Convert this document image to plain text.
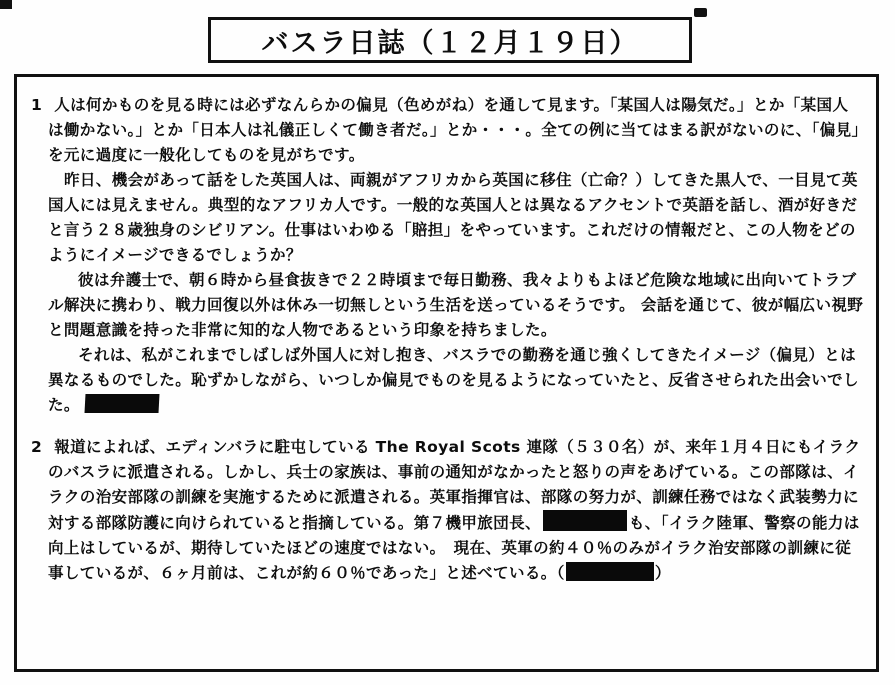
バスラ日誌（１２月１９日）

1 人は何かものを見る時には必ずなんらかの偏見（色めがね）を通して見ます。「某国人は陽気だ。」とか「某国人は働かない。」とか「日本人は礼儀正しくて働き者だ。」とか・・・。全ての例に当てはまる訳がないのに、「偏見」を元に過度に一般化してものを見がちです。

昨日、機会があって話をした英国人は、両親がアフリカから英国に移住（亡命？）してきた黒人で、一目見て英国人には見えません。典型的なアフリカ人です。一般的な英国人とは異なるアクセントで英語を話し、酒が好きだと言う２８歳独身のシビリアン。仕事はいわゆる「賠担」をやっています。これだけの情報だと、この人物をどのようにイメージできるでしょうか？

彼は弁護士で、朝６時から昼食抜きで２２時頃まで毎日勤務、我々よりもよほど危険な地域に出向いてトラブル解決に携わり、戦力回復以外は休み一切無しという生活を送っているそうです。 会話を通じて、彼が幅広い視野と問題意識を持った非常に知的な人物であるという印象を持ちました。

それは、私がこれまでしばしば外国人に対し抱き、バスラでの勤務を通じ強くしてきたイメージ（偏見）とは異なるものでした。恥ずかしながら、いつしか偏見でものを見るようになっていたと、反省させられた出会いでした。

2 報道によれば、エディンバラに駐屯している The Royal Scots 連隊（５３０名）が、来年１月４日にもイラクのバスラに派遣される。しかし、兵士の家族は、事前の通知がなかったと怒りの声をあげている。この部隊は、イラクの治安部隊の訓練を実施するために派遣される。英軍指揮官は、部隊の努力が、訓練任務ではなく武装勢力に対する部隊防護に向けられていると指摘している。第７機甲旅団長、	も、「イラク陸軍、警察の能力は向上はしているが、期待していたほどの速度ではない。　現在、英軍の約４０％のみがイラク治安部隊の訓練に従事しているが、６ヶ月前は、これが約６０％であった」と述べている。（	）
